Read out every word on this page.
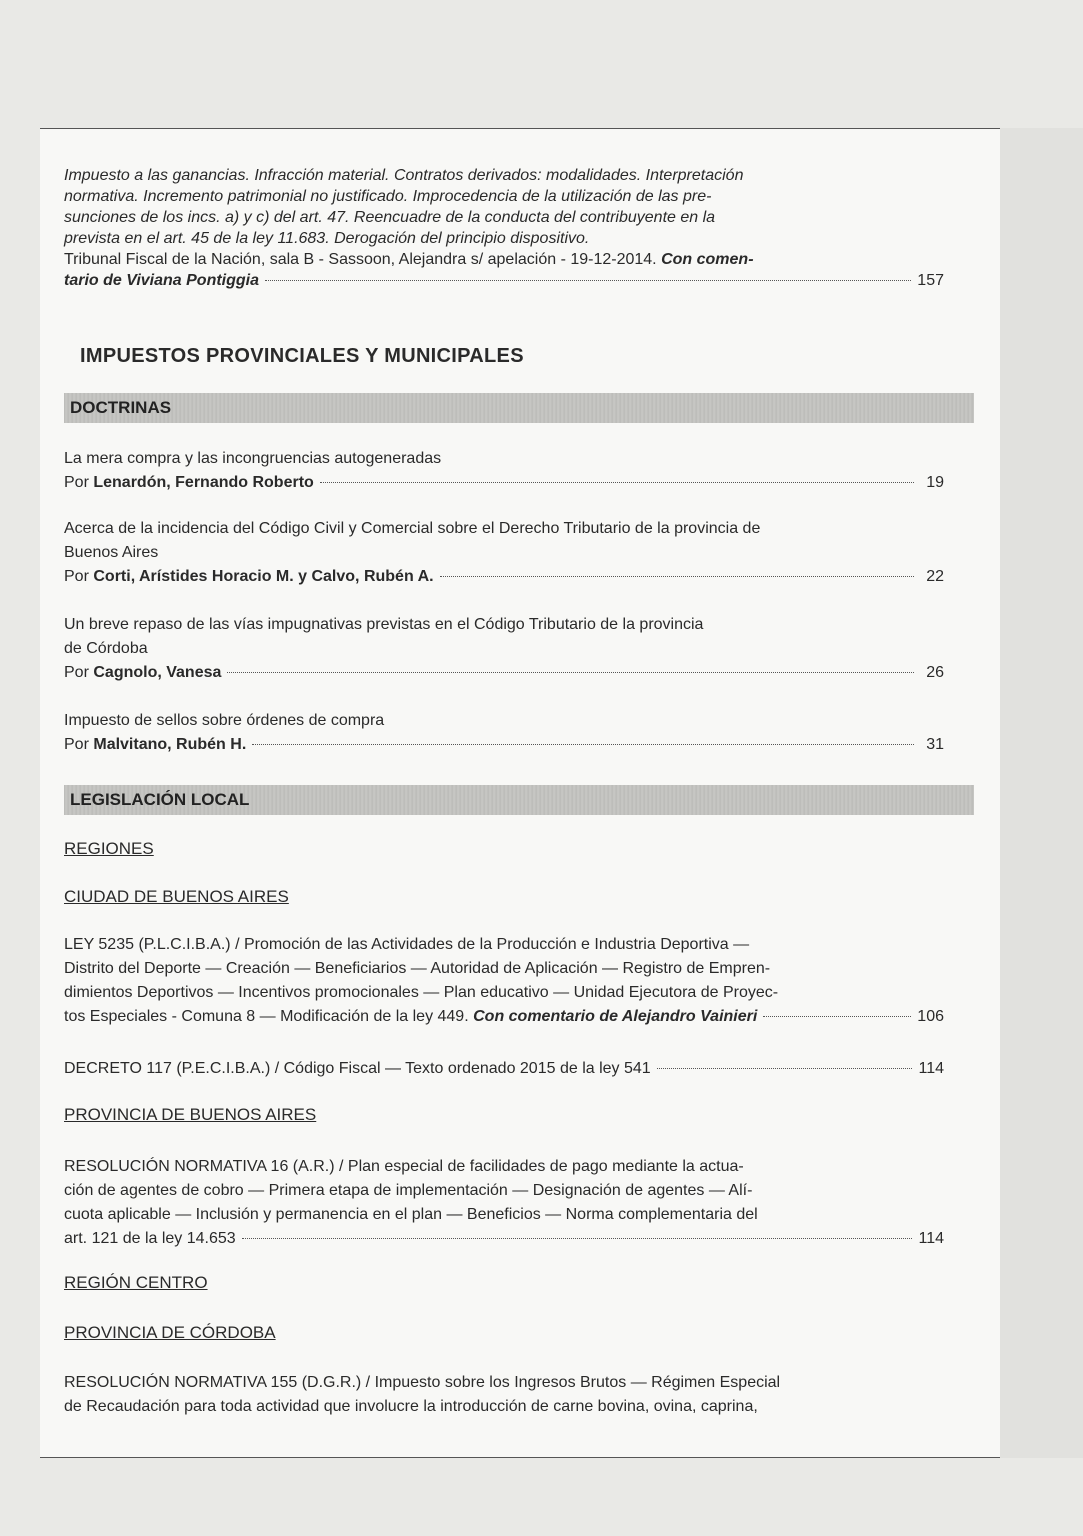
Impuesto a las ganancias. Infracción material. Contratos derivados: modalidades. Interpretación
normativa. Incremento patrimonial no justificado. Improcedencia de la utilización de las pre-
sunciones de los incs. a) y c) del art. 47. Reencuadre de la conducta del contribuyente en la
prevista en el art. 45 de la ley 11.683. Derogación del principio dispositivo.
Tribunal Fiscal de la Nación, sala B - Sassoon, Alejandra s/ apelación - 19-12-2014. Con comen-
tario de Viviana Pontiggia	157
IMPUESTOS PROVINCIALES Y MUNICIPALES
DOCTRINAS
La mera compra y las incongruencias autogeneradas
Por
Lenardón, Fernando Roberto	19
Acerca de la incidencia del Código Civil y Comercial sobre el Derecho Tributario de la provincia de
Buenos Aires
Por
Corti, Arístides Horacio M. y Calvo, Rubén A.	22
Un breve repaso de las vías impugnativas previstas en el Código Tributario de la provincia
de Córdoba
Por
Cagnolo, Vanesa	26
Impuesto de sellos sobre órdenes de compra
Por
Malvitano, Rubén H.	31
LEGISLACIÓN LOCAL
REGIONES
CIUDAD DE BUENOS AIRES
LEY 5235 (P.L.C.I.B.A.) / Promoción de las Actividades de la Producción e Industria Deportiva —
Distrito del Deporte — Creación — Beneficiarios — Autoridad de Aplicación — Registro de Empren-
dimientos Deportivos — Incentivos promocionales — Plan educativo — Unidad Ejecutora de Proyec-
tos Especiales - Comuna 8 — Modificación de la ley 449.
Con comentario de Alejandro Vainieri	106
DECRETO 117 (P.E.C.I.B.A.) / Código Fiscal — Texto ordenado 2015 de la ley 541	114
PROVINCIA DE BUENOS AIRES
RESOLUCIÓN NORMATIVA 16 (A.R.) / Plan especial de facilidades de pago mediante la actua-
ción de agentes de cobro — Primera etapa de implementación — Designación de agentes — Alí-
cuota aplicable — Inclusión y permanencia en el plan — Beneficios — Norma complementaria del
art. 121 de la ley 14.653	114
REGIÓN CENTRO
PROVINCIA DE CÓRDOBA
RESOLUCIÓN NORMATIVA 155 (D.G.R.) / Impuesto sobre los Ingresos Brutos — Régimen Especial
de Recaudación para toda actividad que involucre la introducción de carne bovina, ovina, caprina,
